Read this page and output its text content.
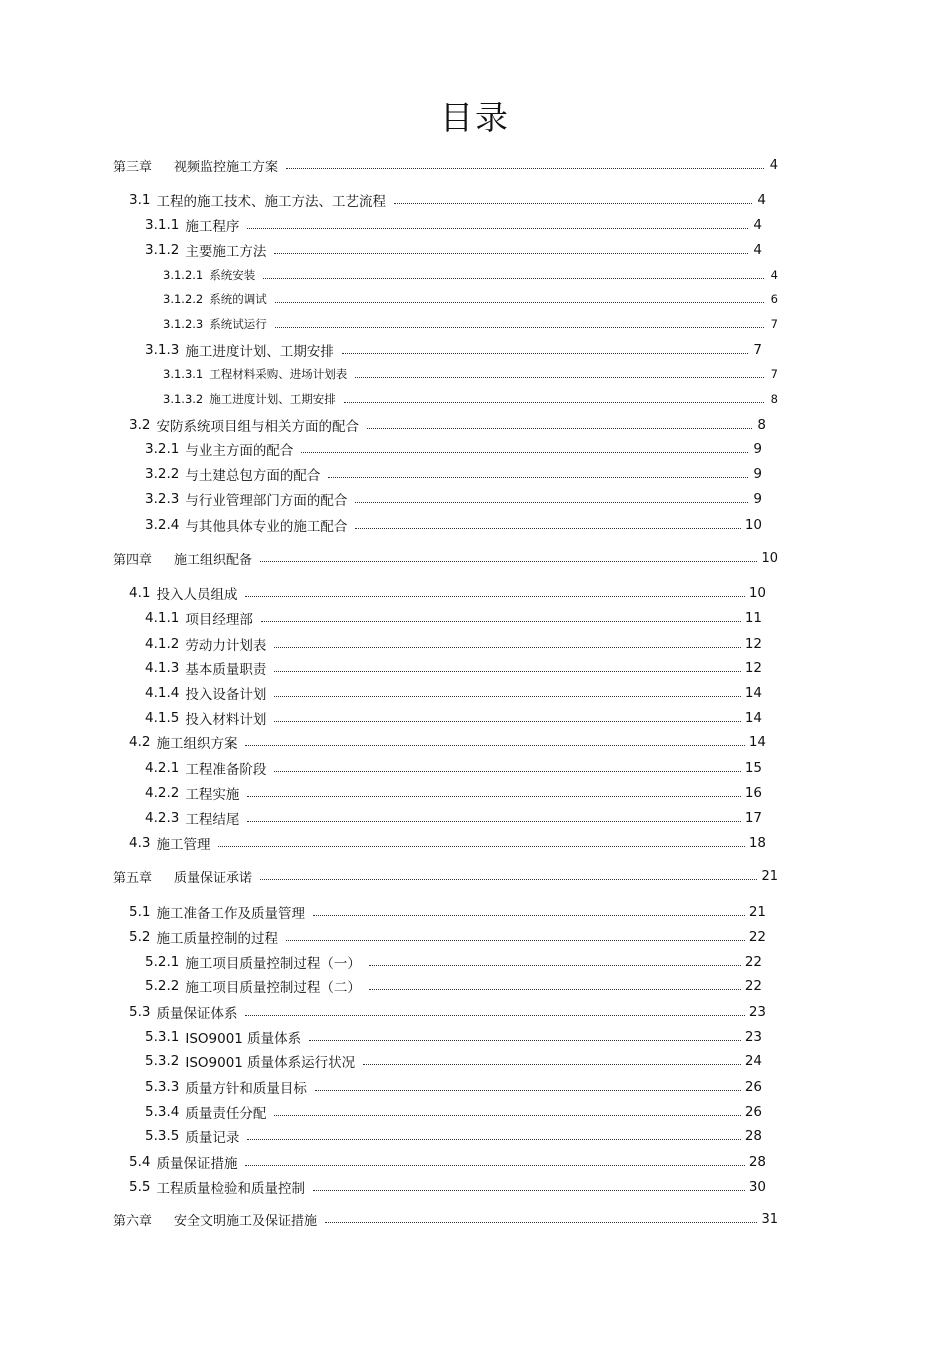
目录
第三章 视频监控施工方案	4
3.1 工程的施工技术、施工方法、工艺流程	4
3.1.1 施工程序	4
3.1.2 主要施工方法	4
3.1.2.1 系统安装	4
3.1.2.2 系统的调试	6
3.1.2.3 系统试运行	7
3.1.3 施工进度计划、工期安排	7
3.1.3.1 工程材料采购、进场计划表	7
3.1.3.2 施工进度计划、工期安排	8
3.2 安防系统项目组与相关方面的配合	8
3.2.1 与业主方面的配合	9
3.2.2 与土建总包方面的配合	9
3.2.3 与行业管理部门方面的配合	9
3.2.4 与其他具体专业的施工配合	10
第四章 施工组织配备	10
4.1 投入人员组成	10
4.1.1 项目经理部	11
4.1.2 劳动力计划表	12
4.1.3 基本质量职责	12
4.1.4 投入设备计划	14
4.1.5 投入材料计划	14
4.2 施工组织方案	14
4.2.1 工程准备阶段	15
4.2.2 工程实施	16
4.2.3 工程结尾	17
4.3 施工管理	18
第五章 质量保证承诺	21
5.1 施工准备工作及质量管理	21
5.2 施工质量控制的过程	22
5.2.1 施工项目质量控制过程（一）	22
5.2.2 施工项目质量控制过程（二）	22
5.3 质量保证体系	23
5.3.1 ISO9001 质量体系	23
5.3.2 ISO9001 质量体系运行状况	24
5.3.3 质量方针和质量目标	26
5.3.4 质量责任分配	26
5.3.5 质量记录	28
5.4 质量保证措施	28
5.5 工程质量检验和质量控制	30
第六章 安全文明施工及保证措施	31
